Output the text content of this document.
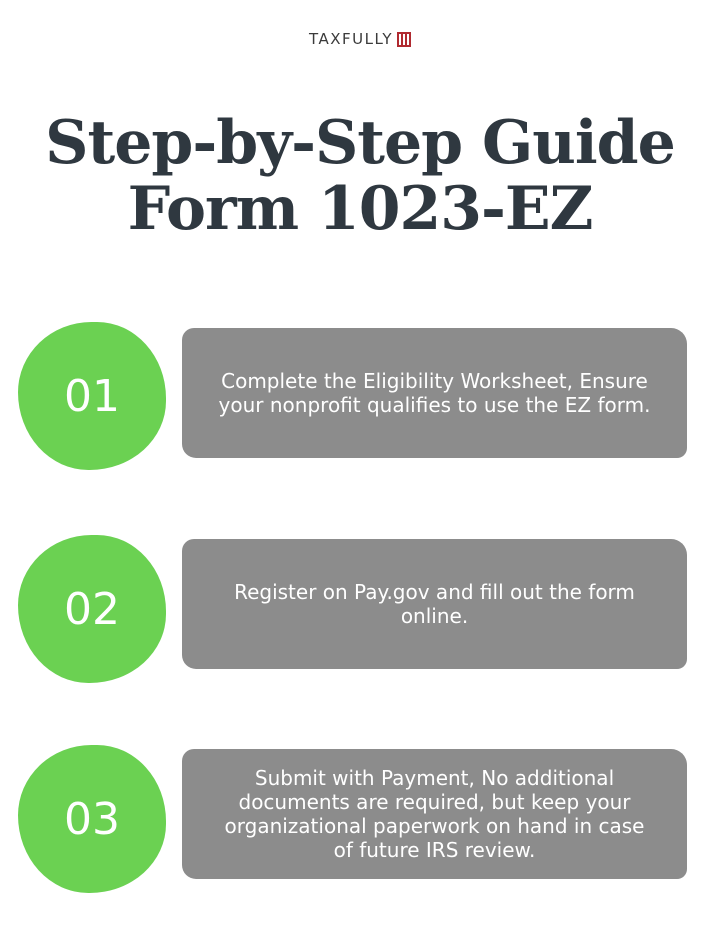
TAXFULLY
Step-by-Step Guide
Form 1023-EZ
01	Complete the Eligibility Worksheet, Ensure your nonprofit qualifies to use the EZ form.
02	Register on Pay.gov and fill out the form online.
03
Submit with Payment, No additional documents are required, but keep your organizational paperwork on hand in case of future IRS review.
